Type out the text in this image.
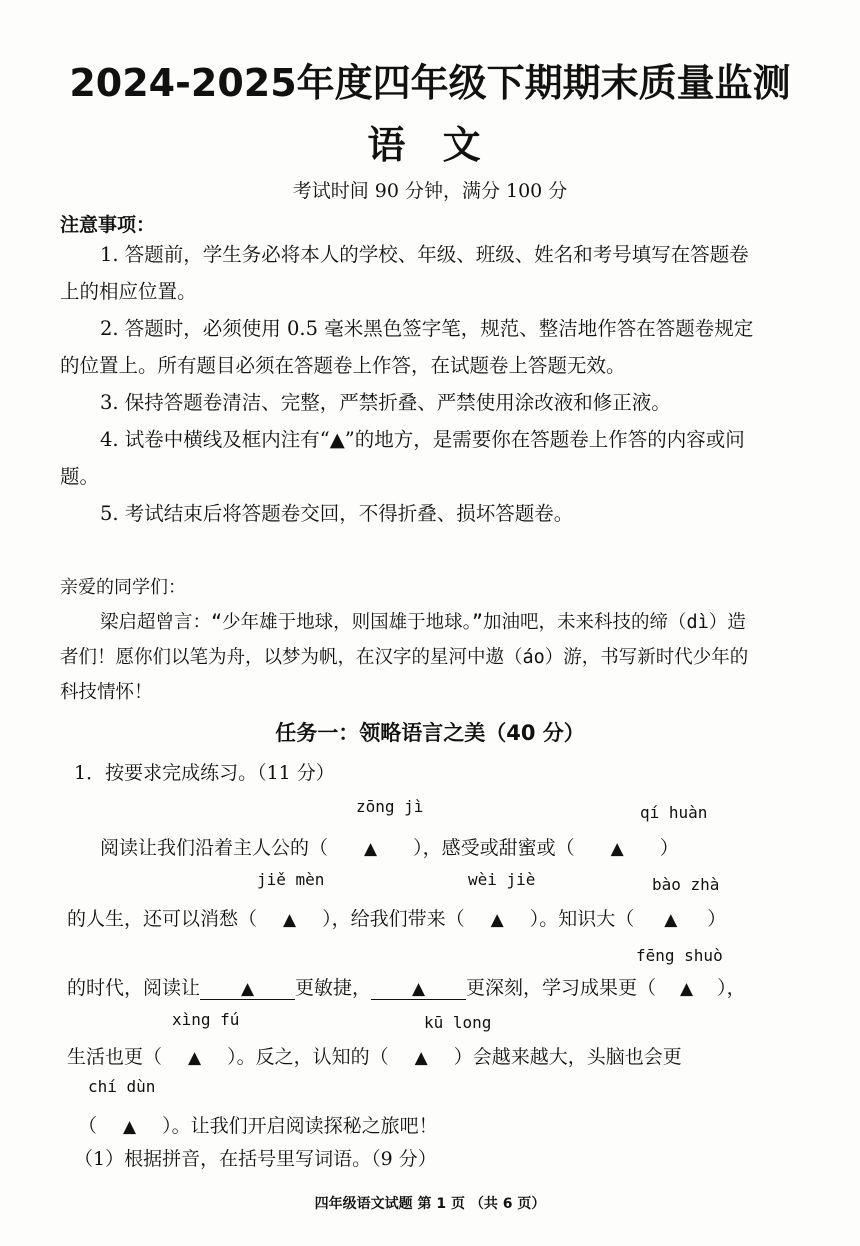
2024-2025年度四年级下期期末质量监测
语 文
考试时间 90 分钟，满分 100 分
注意事项：
1. 答题前，学生务必将本人的学校、年级、班级、姓名和考号填写在答题卷上的相应位置。
2. 答题时，必须使用 0.5 毫米黑色签字笔，规范、整洁地作答在答题卷规定的位置上。所有题目必须在答题卷上作答，在试题卷上答题无效。
3. 保持答题卷清洁、完整，严禁折叠、严禁使用涂改液和修正液。
4. 试卷中横线及框内注有“▲”的地方，是需要你在答题卷上作答的内容或问题。
5. 考试结束后将答题卷交回，不得折叠、损坏答题卷。
亲爱的同学们：
梁启超曾言：“少年雄于地球，则国雄于地球。”加油吧，未来科技的缔（dì）造者们！愿你们以笔为舟，以梦为帆，在汉字的星河中遨（áo）游，书写新时代少年的科技情怀！
任务一：领略语言之美（40 分）
1．按要求完成练习。（11 分）
zōng jì	qí huàn
阅读让我们沿着主人公的（ ▲ ），感受或甜蜜或（ ▲ ）
jiě mèn	wèi jiè	bào zhà
的人生，还可以消愁（ ▲ ），给我们带来（ ▲ ）。知识大（ ▲ ）
fēng shuò
的时代，阅读让 ▲ 更敏捷， ▲ 更深刻，学习成果更（ ▲ ），
xìng fú	kū long
生活也更（ ▲ ）。反之，认知的（ ▲ ）会越来越大，头脑也会更
chí dùn
（ ▲ ）。让我们开启阅读探秘之旅吧！
（1）根据拼音，在括号里写词语。（9 分）
四年级语文试题 第 1 页 （共 6 页）
